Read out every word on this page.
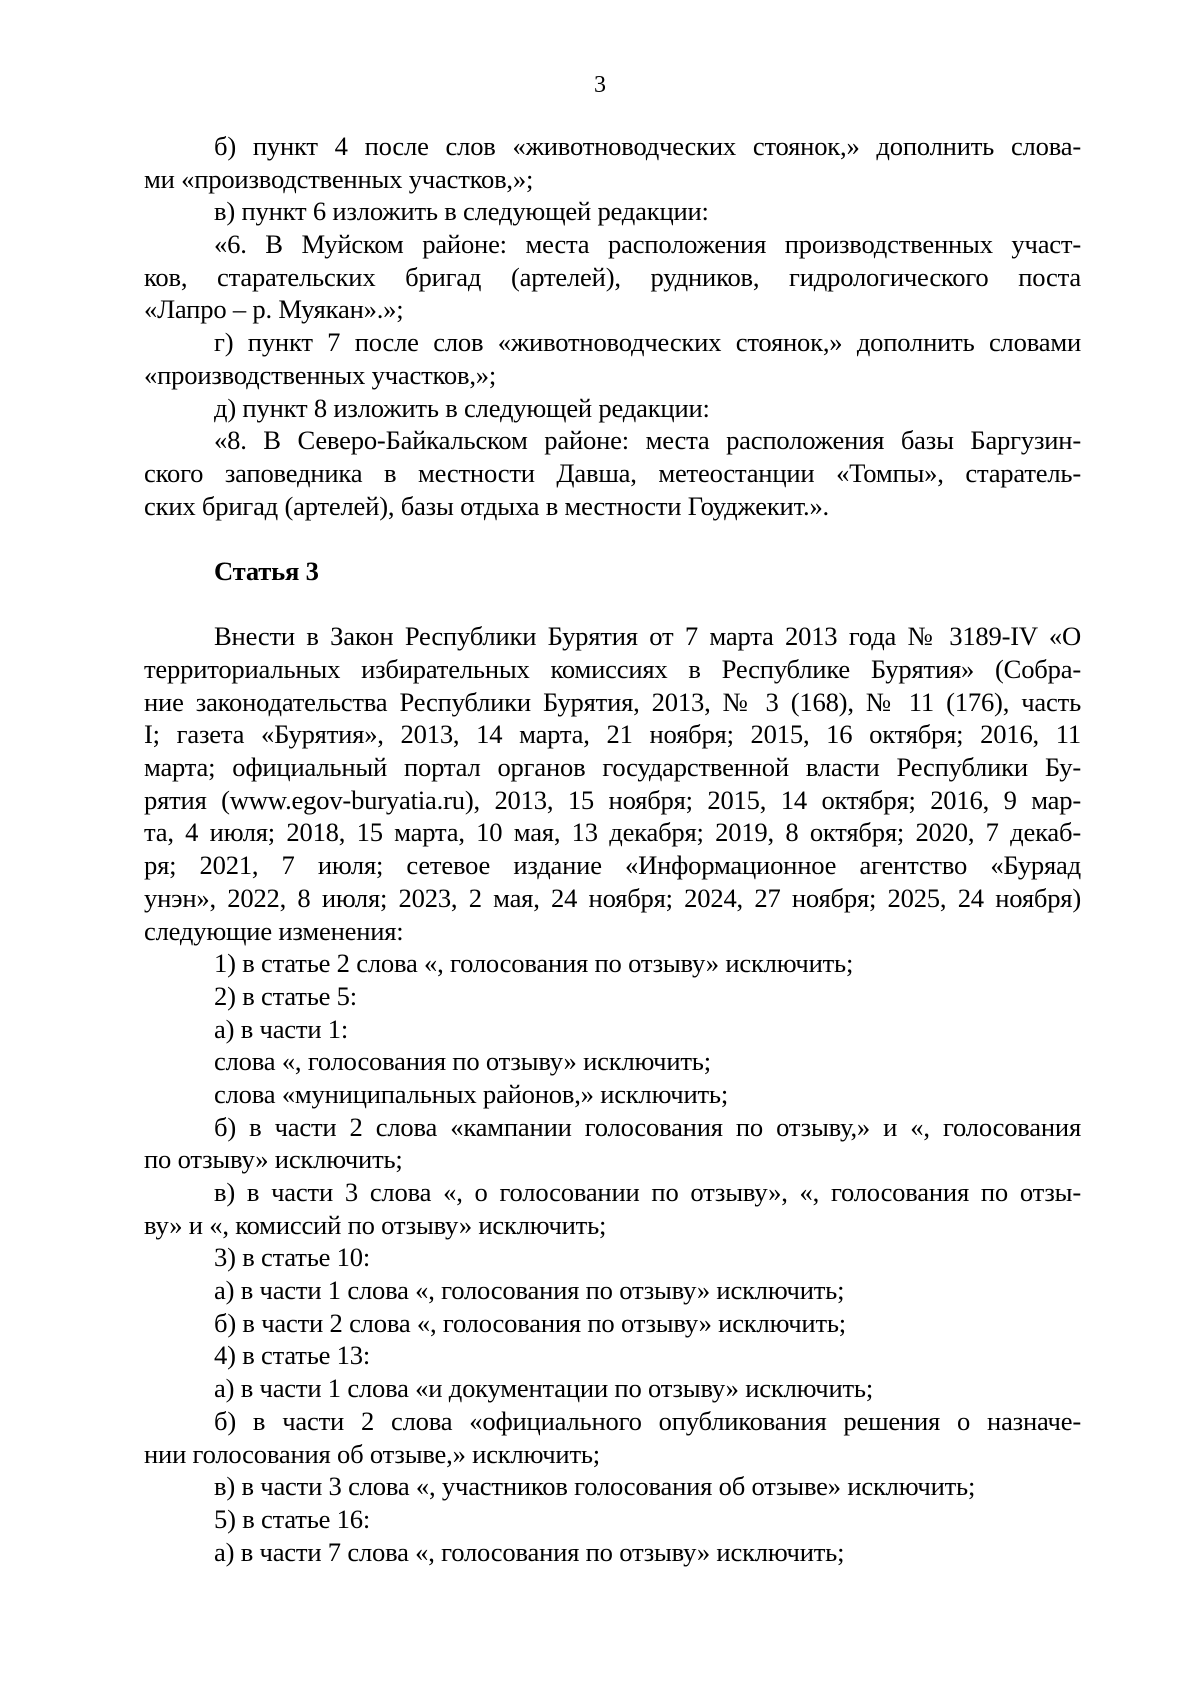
3
б) пункт 4 после слов «животноводческих стоянок,» дополнить слова-
ми «производственных участков,»;
в) пункт 6 изложить в следующей редакции:
«6. В Муйском районе: места расположения производственных участ-
ков, старательских бригад (артелей), рудников, гидрологического поста
«Лапро – р. Муякан».»;
г) пункт 7 после слов «животноводческих стоянок,» дополнить словами
«производственных участков,»;
д) пункт 8 изложить в следующей редакции:
«8. В Северо-Байкальском районе: места расположения базы Баргузин-
ского заповедника в местности Давша, метеостанции «Томпы», старатель-
ских бригад (артелей), базы отдыха в местности Гоуджекит.».
Статья 3
Внести в Закон Республики Бурятия от 7 марта 2013 года № 3189-IV «О
территориальных избирательных комиссиях в Республике Бурятия» (Собра-
ние законодательства Республики Бурятия, 2013, № 3 (168), № 11 (176), часть
I; газета «Бурятия», 2013, 14 марта, 21 ноября; 2015, 16 октября; 2016, 11
марта; официальный портал органов государственной власти Республики Бу-
рятия (www.egov-buryatia.ru), 2013, 15 ноября; 2015, 14 октября; 2016, 9 мар-
та, 4 июля; 2018, 15 марта, 10 мая, 13 декабря; 2019, 8 октября; 2020, 7 декаб-
ря; 2021, 7 июля; сетевое издание «Информационное агентство «Буряад
унэн», 2022, 8 июля; 2023, 2 мая, 24 ноября; 2024, 27 ноября; 2025, 24 ноября)
следующие изменения:
1) в статье 2 слова «, голосования по отзыву» исключить;
2) в статье 5:
а) в части 1:
слова «, голосования по отзыву» исключить;
слова «муниципальных районов,» исключить;
б) в части 2 слова «кампании голосования по отзыву,» и «, голосования
по отзыву» исключить;
в) в части 3 слова «, о голосовании по отзыву», «, голосования по отзы-
ву» и «, комиссий по отзыву» исключить;
3) в статье 10:
а) в части 1 слова «, голосования по отзыву» исключить;
б) в части 2 слова «, голосования по отзыву» исключить;
4) в статье 13:
а) в части 1 слова «и документации по отзыву» исключить;
б) в части 2 слова «официального опубликования решения о назначе-
нии голосования об отзыве,» исключить;
в) в части 3 слова «, участников голосования об отзыве» исключить;
5) в статье 16:
а) в части 7 слова «, голосования по отзыву» исключить;
